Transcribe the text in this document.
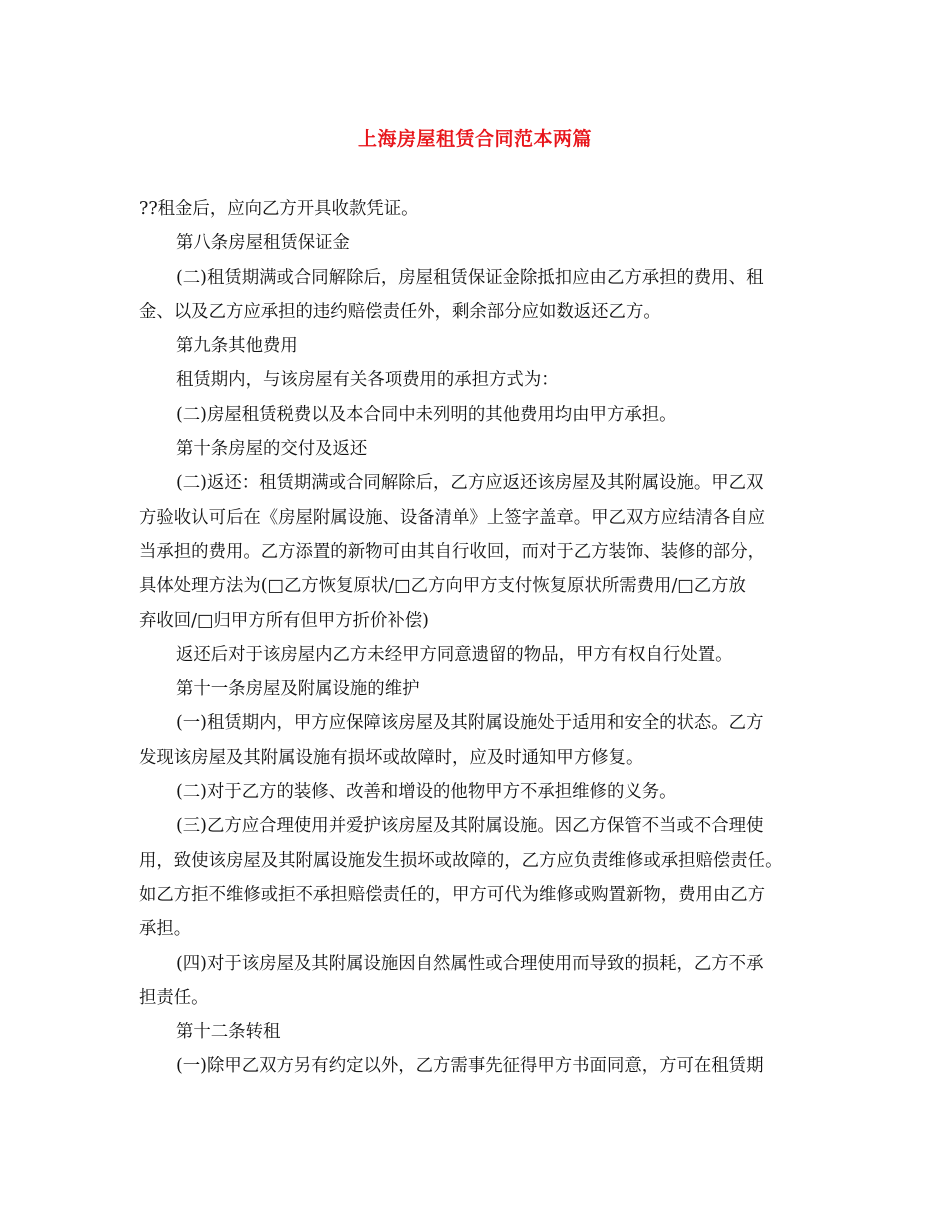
上海房屋租赁合同范本两篇
??租金后，应向乙方开具收款凭证。
第八条房屋租赁保证金
(二)租赁期满或合同解除后，房屋租赁保证金除抵扣应由乙方承担的费用、租
金、以及乙方应承担的违约赔偿责任外，剩余部分应如数返还乙方。
第九条其他费用
租赁期内，与该房屋有关各项费用的承担方式为：
(二)房屋租赁税费以及本合同中未列明的其他费用均由甲方承担。
第十条房屋的交付及返还
(二)返还：租赁期满或合同解除后，乙方应返还该房屋及其附属设施。甲乙双
方验收认可后在《房屋附属设施、设备清单》上签字盖章。甲乙双方应结清各自应
当承担的费用。乙方添置的新物可由其自行收回，而对于乙方装饰、装修的部分，
具体处理方法为(□乙方恢复原状/□乙方向甲方支付恢复原状所需费用/□乙方放
弃收回/□归甲方所有但甲方折价补偿)
返还后对于该房屋内乙方未经甲方同意遗留的物品，甲方有权自行处置。
第十一条房屋及附属设施的维护
(一)租赁期内，甲方应保障该房屋及其附属设施处于适用和安全的状态。乙方
发现该房屋及其附属设施有损坏或故障时，应及时通知甲方修复。
(二)对于乙方的装修、改善和增设的他物甲方不承担维修的义务。
(三)乙方应合理使用并爱护该房屋及其附属设施。因乙方保管不当或不合理使
用，致使该房屋及其附属设施发生损坏或故障的，乙方应负责维修或承担赔偿责任。
如乙方拒不维修或拒不承担赔偿责任的，甲方可代为维修或购置新物，费用由乙方
承担。
(四)对于该房屋及其附属设施因自然属性或合理使用而导致的损耗，乙方不承
担责任。
第十二条转租
(一)除甲乙双方另有约定以外，乙方需事先征得甲方书面同意，方可在租赁期
